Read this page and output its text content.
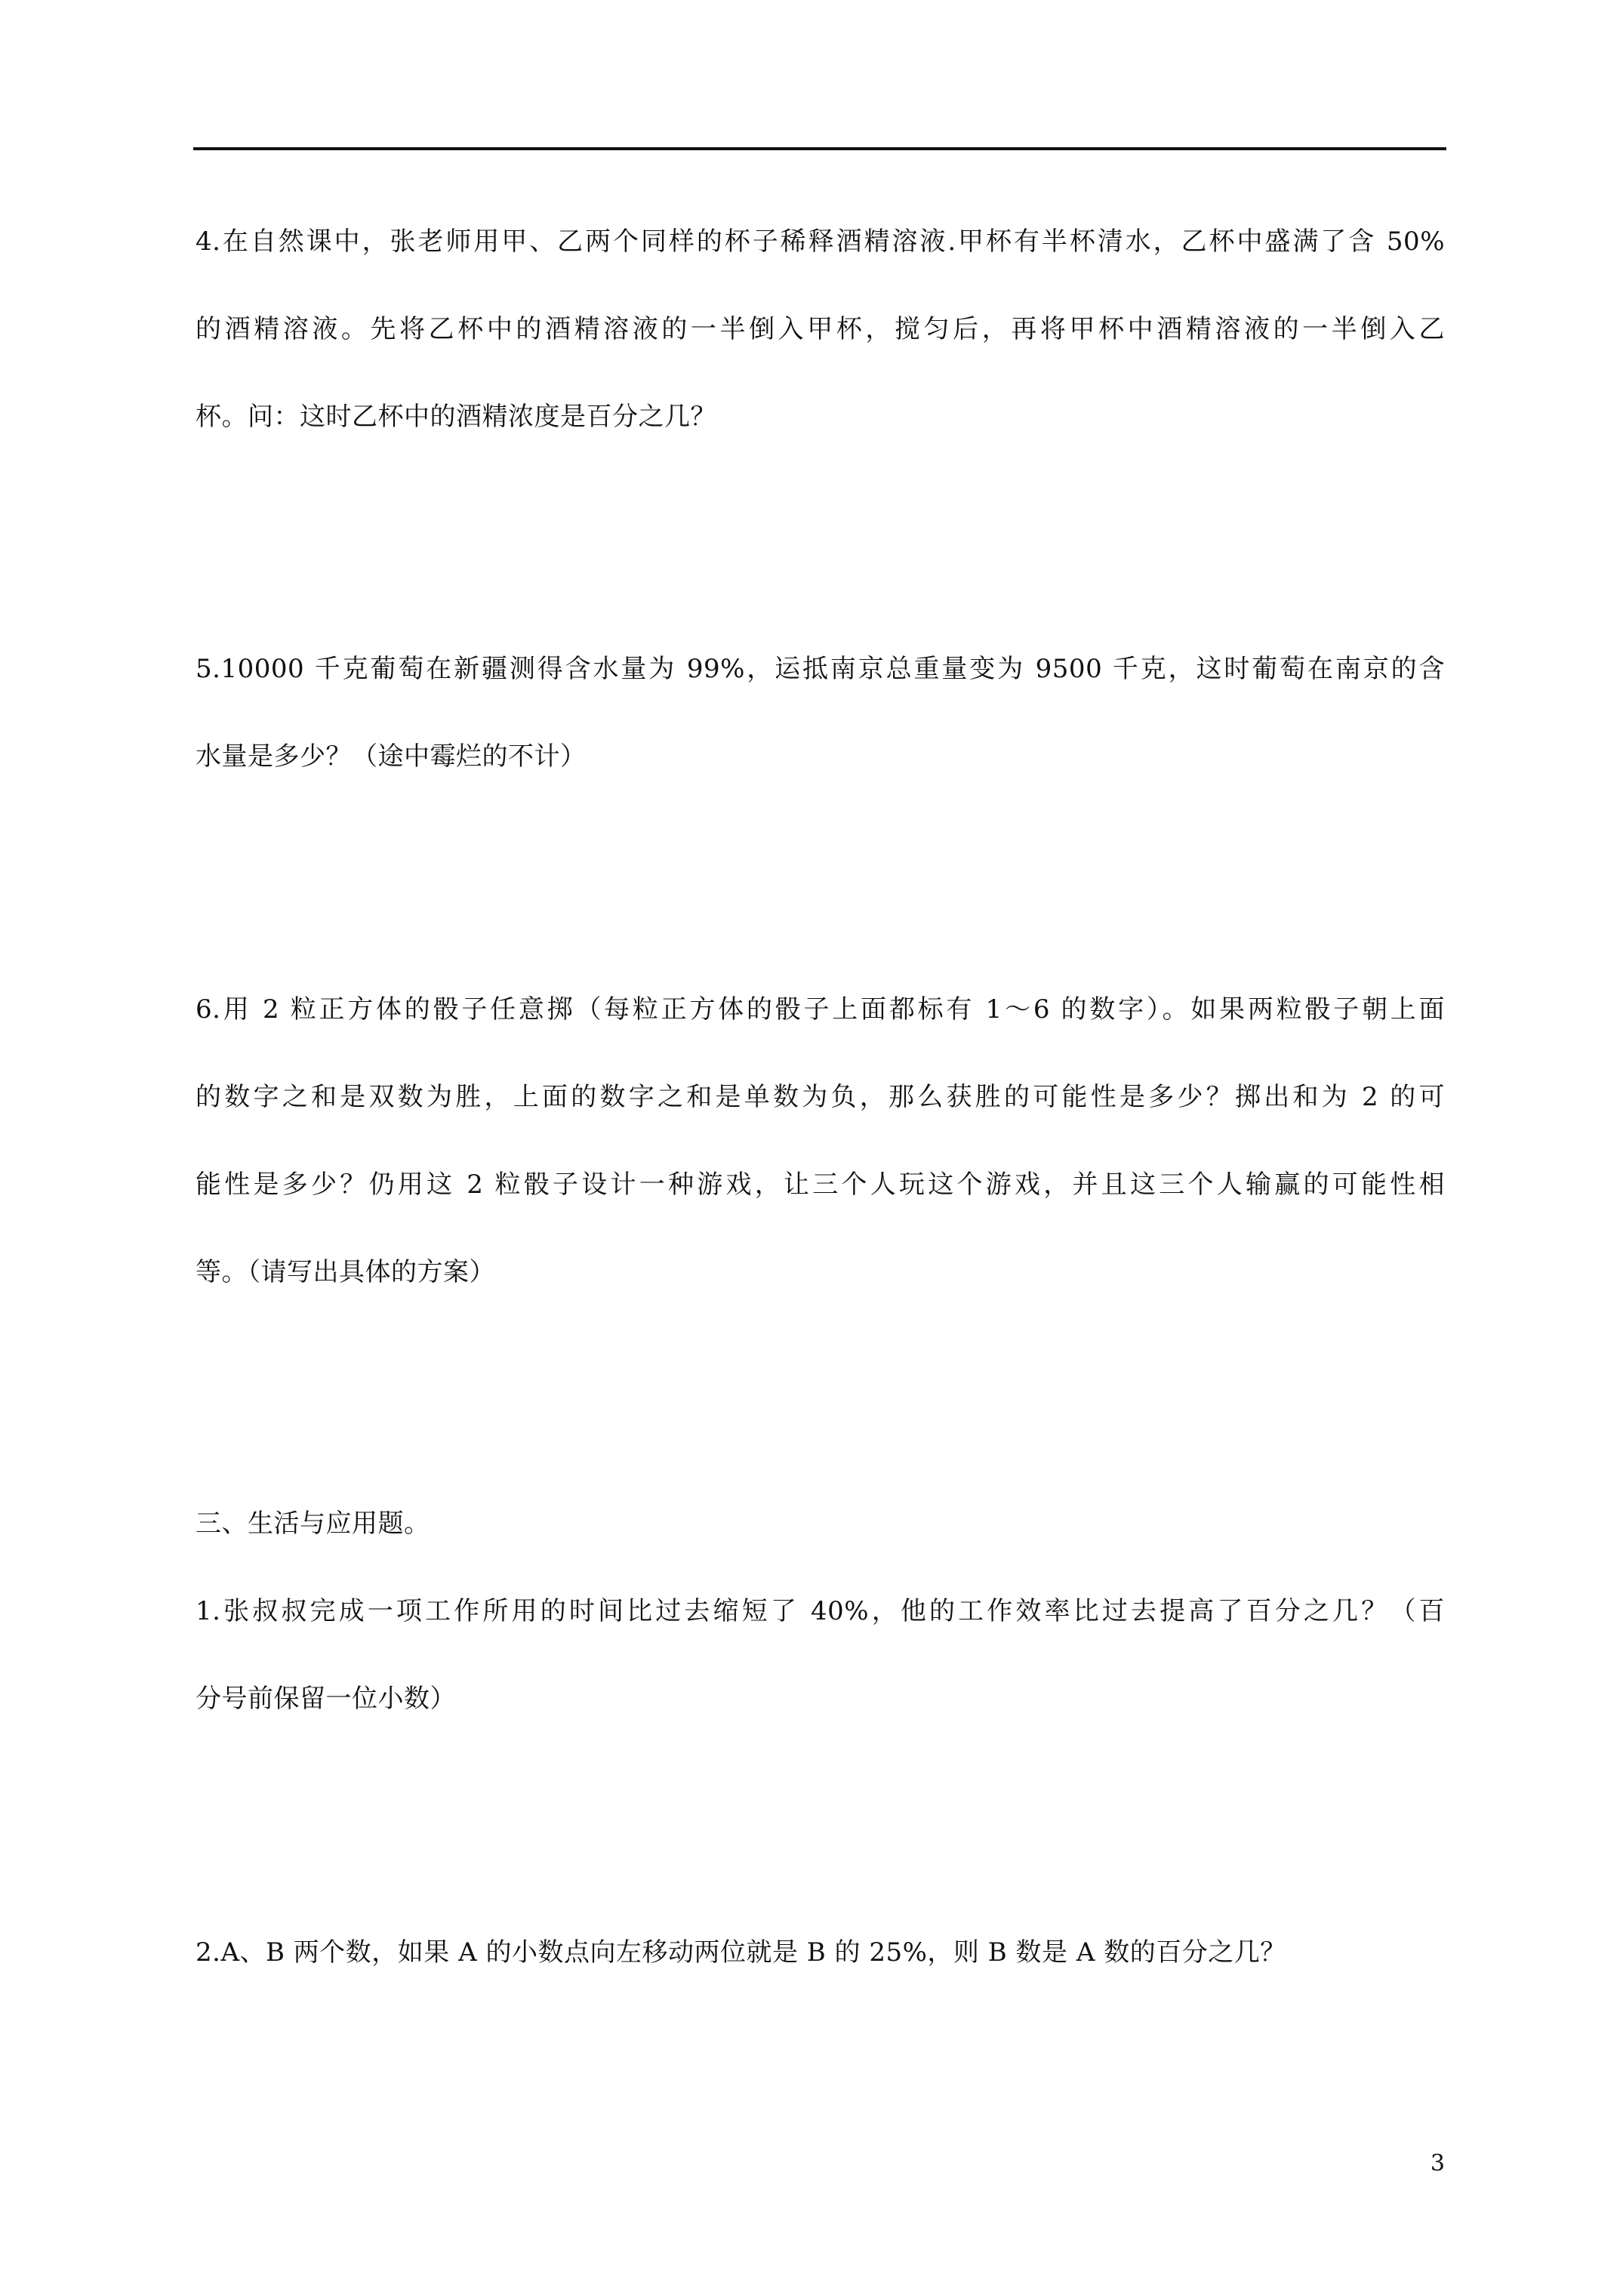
4.在自然课中，张老师用甲、乙两个同样的杯子稀释酒精溶液.甲杯有半杯清水，乙杯中盛满了含 50%
的酒精溶液。先将乙杯中的酒精溶液的一半倒入甲杯，搅匀后，再将甲杯中酒精溶液的一半倒入乙
杯。问：这时乙杯中的酒精浓度是百分之几？
5.10000 千克葡萄在新疆测得含水量为 99%，运抵南京总重量变为 9500 千克，这时葡萄在南京的含
水量是多少？（途中霉烂的不计）
6.用 2 粒正方体的骰子任意掷（每粒正方体的骰子上面都标有 1～6 的数字）。如果两粒骰子朝上面
的数字之和是双数为胜，上面的数字之和是单数为负，那么获胜的可能性是多少？掷出和为 2 的可
能性是多少？仍用这 2 粒骰子设计一种游戏，让三个人玩这个游戏，并且这三个人输赢的可能性相
等。（请写出具体的方案）
三、生活与应用题。
1.张叔叔完成一项工作所用的时间比过去缩短了 40%，他的工作效率比过去提高了百分之几？（百
分号前保留一位小数）
2.A、B 两个数，如果 A 的小数点向左移动两位就是 B 的 25%，则 B 数是 A 数的百分之几？
3
